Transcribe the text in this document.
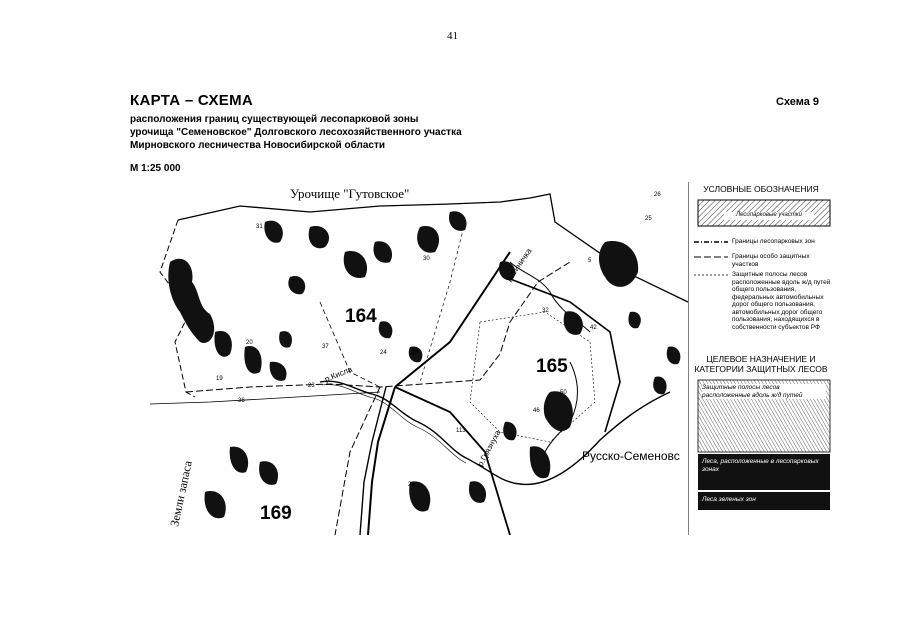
41
КАРТА – СХЕМА	Схема 9
расположения границ существующей лесопарковой зоны
урочища "Семеновское" Долговского лесохозяйственного участка
Мирновского лесничества Новосибирской области
М 1:25 000
164
165
169
Урочище "Гутовское"
Земли запаса
Русско-Семеновс
р.Кисла
р.Грязнуха
р.Синичка
31
30
20
19
36
37
24	29
23
28
42
50
46
26
25
5
32
113
УСЛОВНЫЕ ОБОЗНАЧЕНИЯ
Лесопарковые участки
Границы лесопарковых зон
Границы особо защитных участков
Защитные полосы лесов расположенные вдоль ж/д путей общего пользования, федеральных автомобильных дорог общего пользования, автомобильных дорог общего пользования, находящихся в собственности субъектов РФ
ЦЕЛЕВОЕ НАЗНАЧЕНИЕ И КАТЕГОРИИ ЗАЩИТНЫХ ЛЕСОВ
Защитные полосы лесов расположенные вдоль ж/д путей
Леса, расположенные в лесопарковых зонах
Леса зеленых зон
